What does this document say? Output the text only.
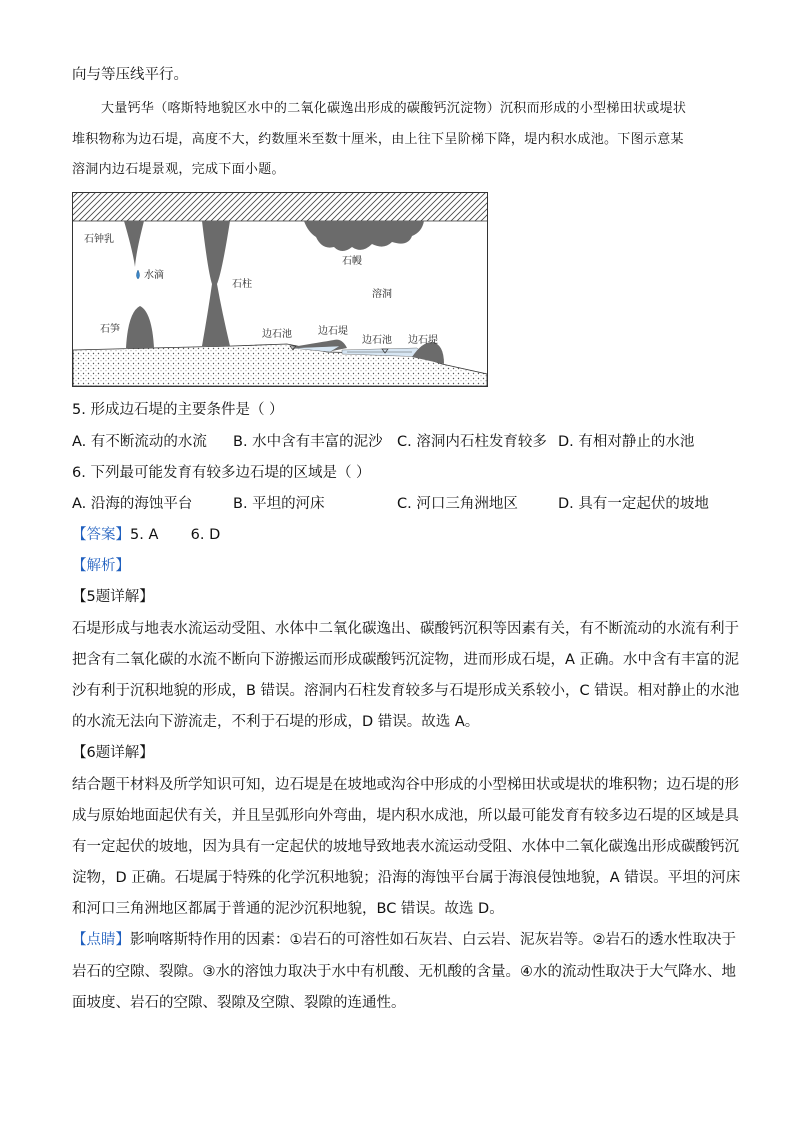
向与等压线平行。
大量钙华（喀斯特地貌区水中的二氧化碳逸出形成的碳酸钙沉淀物）沉积而形成的小型梯田状或堤状
堆积物称为边石堤，高度不大，约数厘米至数十厘米，由上往下呈阶梯下降，堤内积水成池。下图示意某
溶洞内边石堤景观，完成下面小题。
石钟乳
水滴
石柱
石幔
溶洞
石笋	边石池	边石堤
边石池 边石堤
5. 形成边石堤的主要条件是（ ）
A. 有不断流动的水流 B. 水中含有丰富的泥沙 C. 溶洞内石柱发育较多 D. 有相对静止的水池
6. 下列最可能发育有较多边石堤的区域是（ ）
A. 沿海的海蚀平台	B. 平坦的河床	C. 河口三角洲地区	D. 具有一定起伏的坡地
【答案】5. A       6. D
【解析】
【5题详解】
石堤形成与地表水流运动受阻、水体中二氧化碳逸出、碳酸钙沉积等因素有关，有不断流动的水流有利于
把含有二氧化碳的水流不断向下游搬运而形成碳酸钙沉淀物，进而形成石堤，A 正确。水中含有丰富的泥
沙有利于沉积地貌的形成，B 错误。溶洞内石柱发育较多与石堤形成关系较小，C 错误。相对静止的水池
的水流无法向下游流走，不利于石堤的形成，D 错误。故选 A。
【6题详解】
结合题干材料及所学知识可知，边石堤是在坡地或沟谷中形成的小型梯田状或堤状的堆积物；边石堤的形
成与原始地面起伏有关，并且呈弧形向外弯曲，堤内积水成池，所以最可能发育有较多边石堤的区域是具
有一定起伏的坡地，因为具有一定起伏的坡地导致地表水流运动受阻、水体中二氧化碳逸出形成碳酸钙沉
淀物，D 正确。石堤属于特殊的化学沉积地貌；沿海的海蚀平台属于海浪侵蚀地貌，A 错误。平坦的河床
和河口三角洲地区都属于普通的泥沙沉积地貌，BC 错误。故选 D。
【点睛】影响喀斯特作用的因素：①岩石的可溶性如石灰岩、白云岩、泥灰岩等。②岩石的透水性取决于
岩石的空隙、裂隙。③水的溶蚀力取决于水中有机酸、无机酸的含量。④水的流动性取决于大气降水、地
面坡度、岩石的空隙、裂隙及空隙、裂隙的连通性。
